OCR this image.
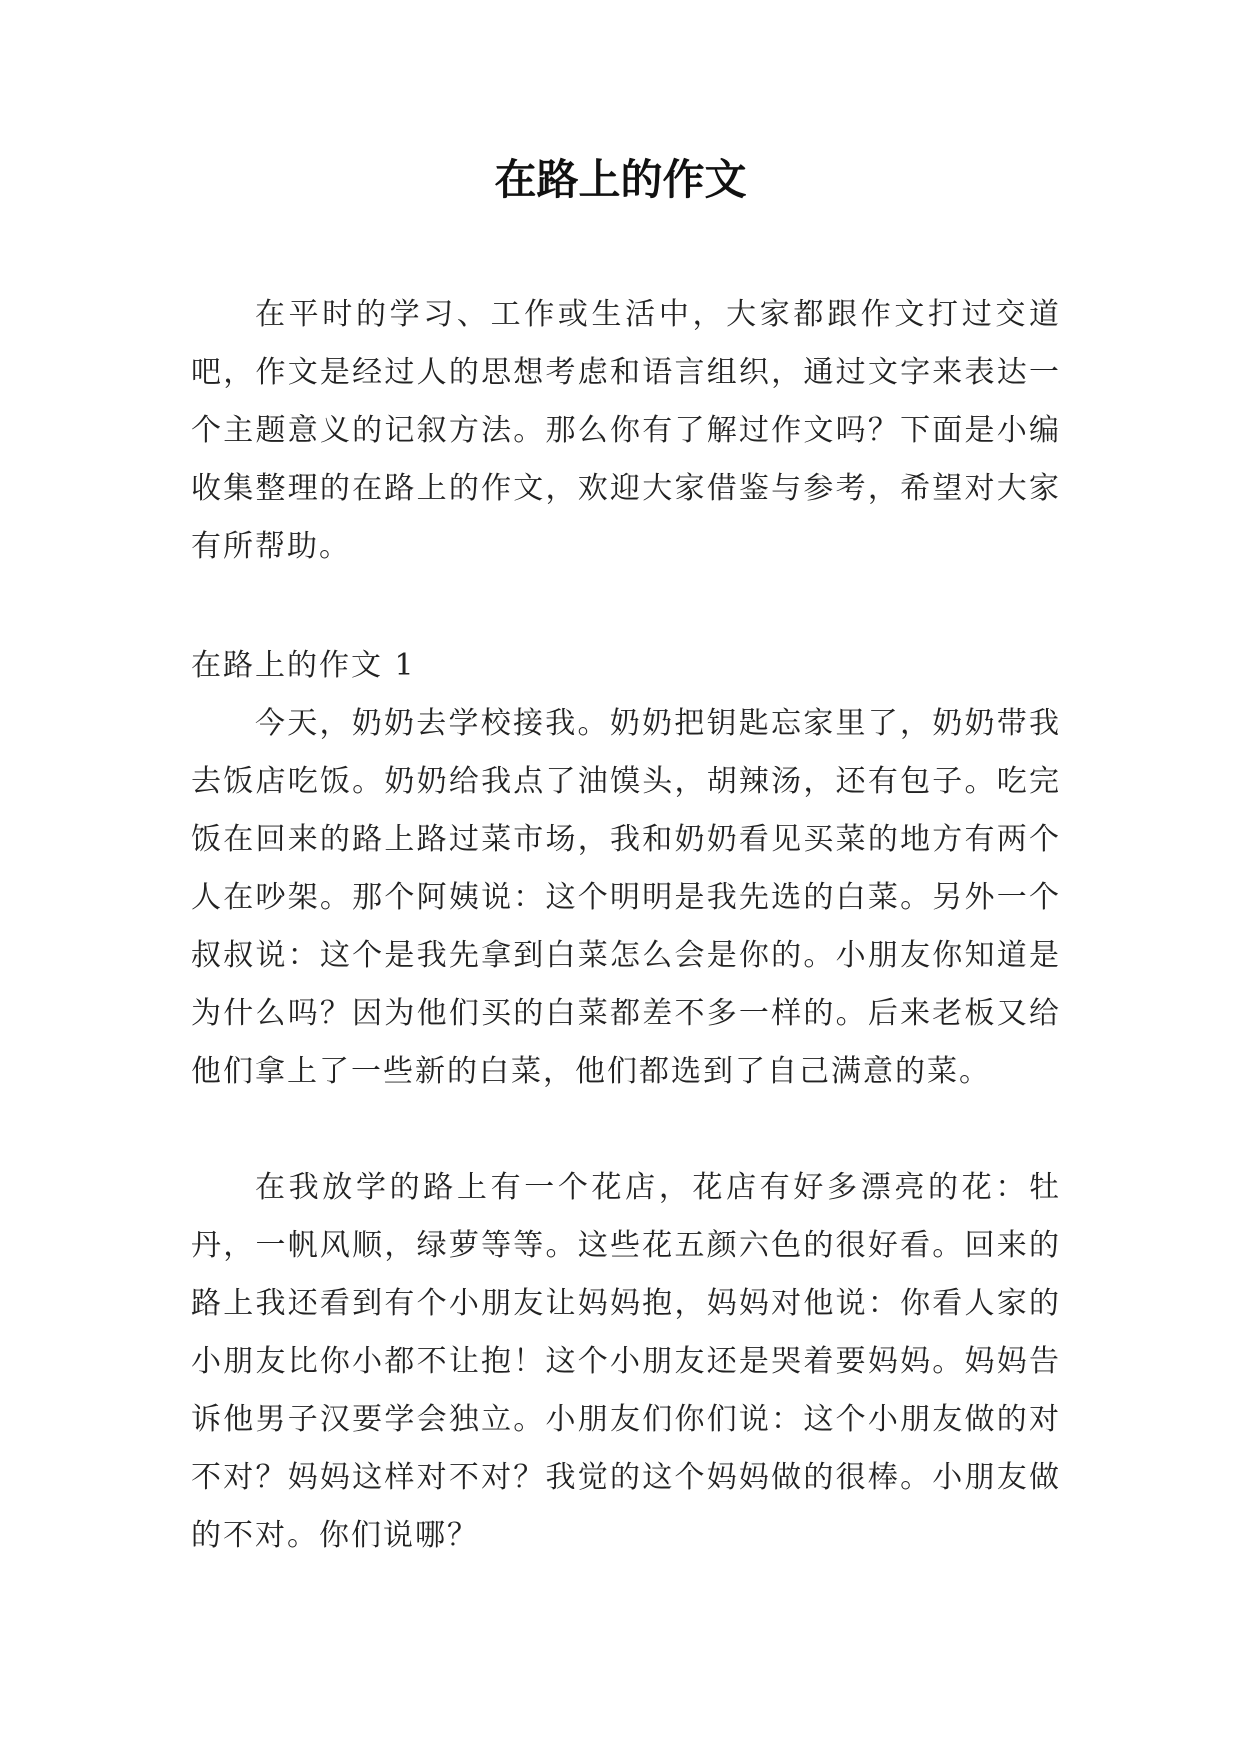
在路上的作文

在平时的学习、工作或生活中，大家都跟作文打过交道吧，作文是经过人的思想考虑和语言组织，通过文字来表达一个主题意义的记叙方法。那么你有了解过作文吗？下面是小编收集整理的在路上的作文，欢迎大家借鉴与参考，希望对大家有所帮助。

在路上的作文 1

今天，奶奶去学校接我。奶奶把钥匙忘家里了，奶奶带我去饭店吃饭。奶奶给我点了油馍头，胡辣汤，还有包子。吃完饭在回来的路上路过菜市场，我和奶奶看见买菜的地方有两个人在吵架。那个阿姨说：这个明明是我先选的白菜。另外一个叔叔说：这个是我先拿到白菜怎么会是你的。小朋友你知道是为什么吗？因为他们买的白菜都差不多一样的。后来老板又给他们拿上了一些新的白菜，他们都选到了自己满意的菜。

在我放学的路上有一个花店，花店有好多漂亮的花：牡丹，一帆风顺，绿萝等等。这些花五颜六色的很好看。回来的路上我还看到有个小朋友让妈妈抱，妈妈对他说：你看人家的小朋友比你小都不让抱！这个小朋友还是哭着要妈妈。妈妈告诉他男子汉要学会独立。小朋友们你们说：这个小朋友做的对不对？妈妈这样对不对？我觉的这个妈妈做的很棒。小朋友做的不对。你们说哪？
